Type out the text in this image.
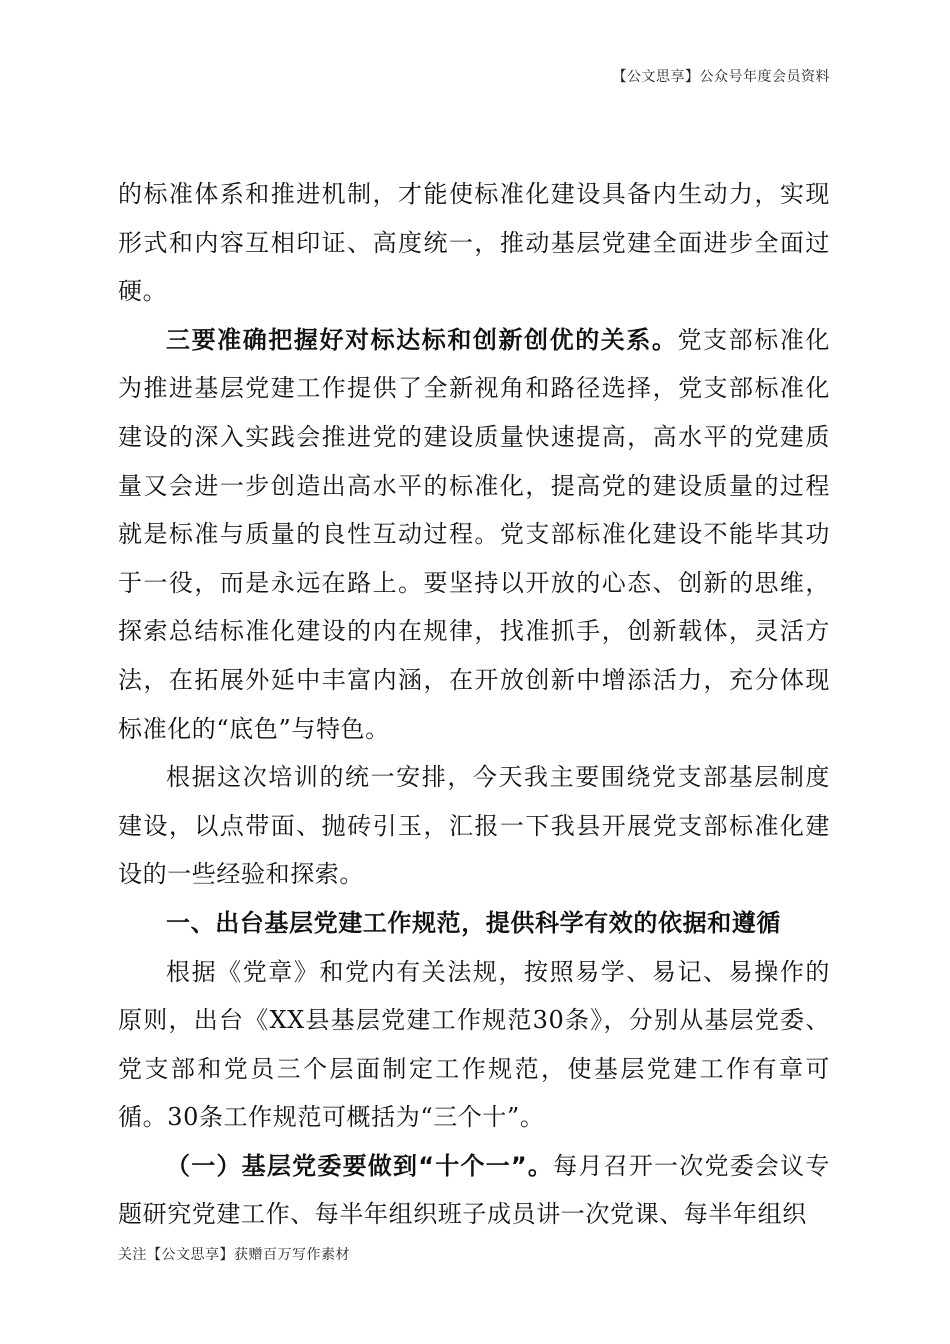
【公文思享】公众号年度会员资料

的标准体系和推进机制，才能使标准化建设具备内生动力，实现形式和内容互相印证、高度统一，推动基层党建全面进步全面过硬。

三要准确把握好对标达标和创新创优的关系。党支部标准化为推进基层党建工作提供了全新视角和路径选择，党支部标准化建设的深入实践会推进党的建设质量快速提高，高水平的党建质量又会进一步创造出高水平的标准化，提高党的建设质量的过程就是标准与质量的良性互动过程。党支部标准化建设不能毕其功于一役，而是永远在路上。要坚持以开放的心态、创新的思维，探索总结标准化建设的内在规律，找准抓手，创新载体，灵活方法，在拓展外延中丰富内涵，在开放创新中增添活力，充分体现标准化的“底色”与特色。

根据这次培训的统一安排，今天我主要围绕党支部基层制度建设，以点带面、抛砖引玉，汇报一下我县开展党支部标准化建设的一些经验和探索。

一、出台基层党建工作规范，提供科学有效的依据和遵循

根据《党章》和党内有关法规，按照易学、易记、易操作的原则，出台《XX县基层党建工作规范30条》，分别从基层党委、党支部和党员三个层面制定工作规范，使基层党建工作有章可循。30条工作规范可概括为“三个十”。

（一）基层党委要做到“十个一”。每月召开一次党委会议专题研究党建工作、每半年组织班子成员讲一次党课、每半年组织

关注【公文思享】获赠百万写作素材
